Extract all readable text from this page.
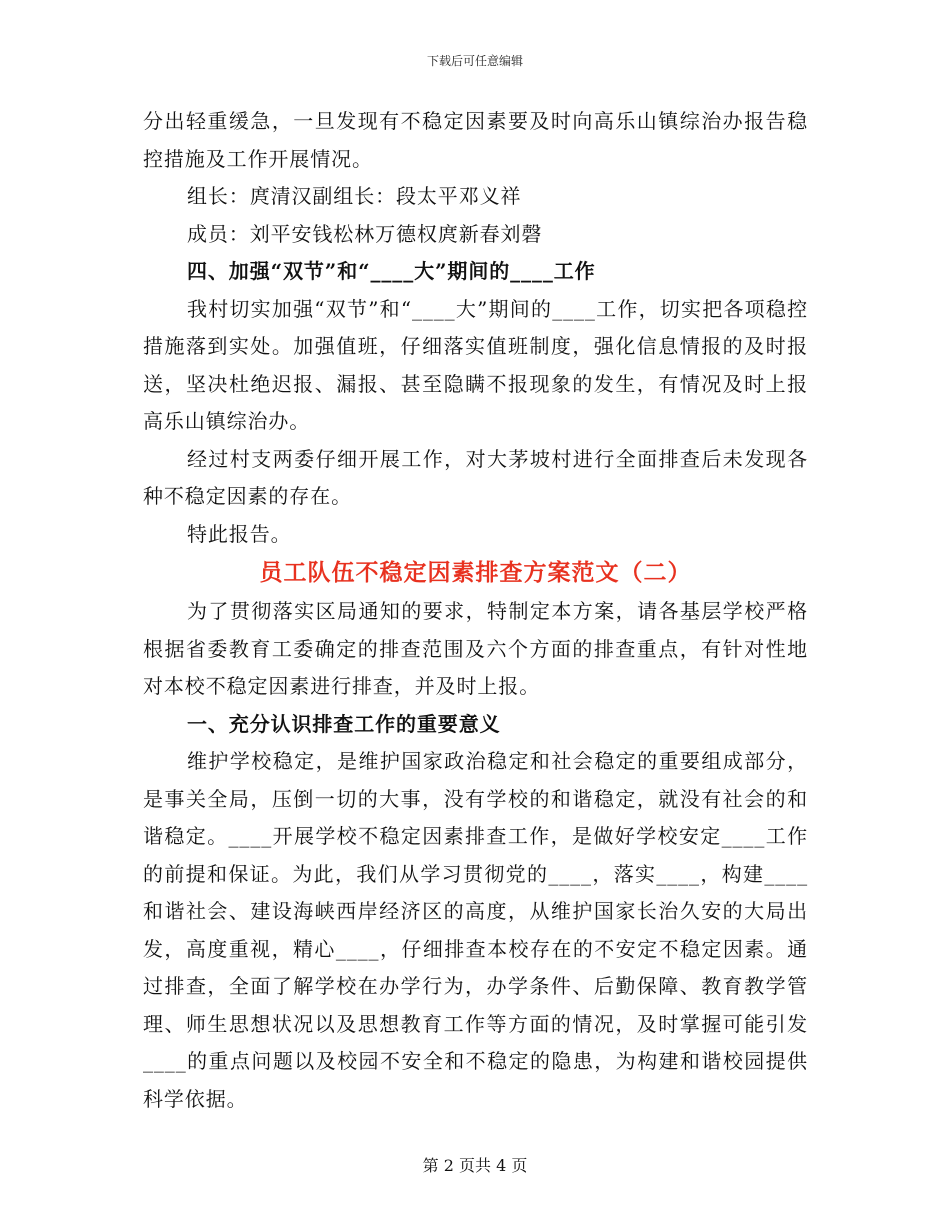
下载后可任意编辑

分出轻重缓急，一旦发现有不稳定因素要及时向高乐山镇综治办报告稳控措施及工作开展情况。

组长：庹清汉副组长：段太平邓义祥

成员：刘平安钱松林万德权庹新春刘磬

四、加强“双节”和“____大”期间的____工作

我村切实加强“双节”和“____大”期间的____工作，切实把各项稳控措施落到实处。加强值班，仔细落实值班制度，强化信息情报的及时报送，坚决杜绝迟报、漏报、甚至隐瞒不报现象的发生，有情况及时上报高乐山镇综治办。

经过村支两委仔细开展工作，对大茅坡村进行全面排查后未发现各种不稳定因素的存在。

特此报告。

员工队伍不稳定因素排查方案范文（二）

为了贯彻落实区局通知的要求，特制定本方案，请各基层学校严格根据省委教育工委确定的排查范围及六个方面的排查重点，有针对性地对本校不稳定因素进行排查，并及时上报。

一、充分认识排查工作的重要意义

维护学校稳定，是维护国家政治稳定和社会稳定的重要组成部分，是事关全局，压倒一切的大事，没有学校的和谐稳定，就没有社会的和谐稳定。____开展学校不稳定因素排查工作，是做好学校安定____工作的前提和保证。为此，我们从学习贯彻党的____，落实____，构建____和谐社会、建设海峡西岸经济区的高度，从维护国家长治久安的大局出发，高度重视，精心____，仔细排查本校存在的不安定不稳定因素。通过排查，全面了解学校在办学行为，办学条件、后勤保障、教育教学管理、师生思想状况以及思想教育工作等方面的情况，及时掌握可能引发____的重点问题以及校园不安全和不稳定的隐患，为构建和谐校园提供科学依据。

第 2 页共 4 页
